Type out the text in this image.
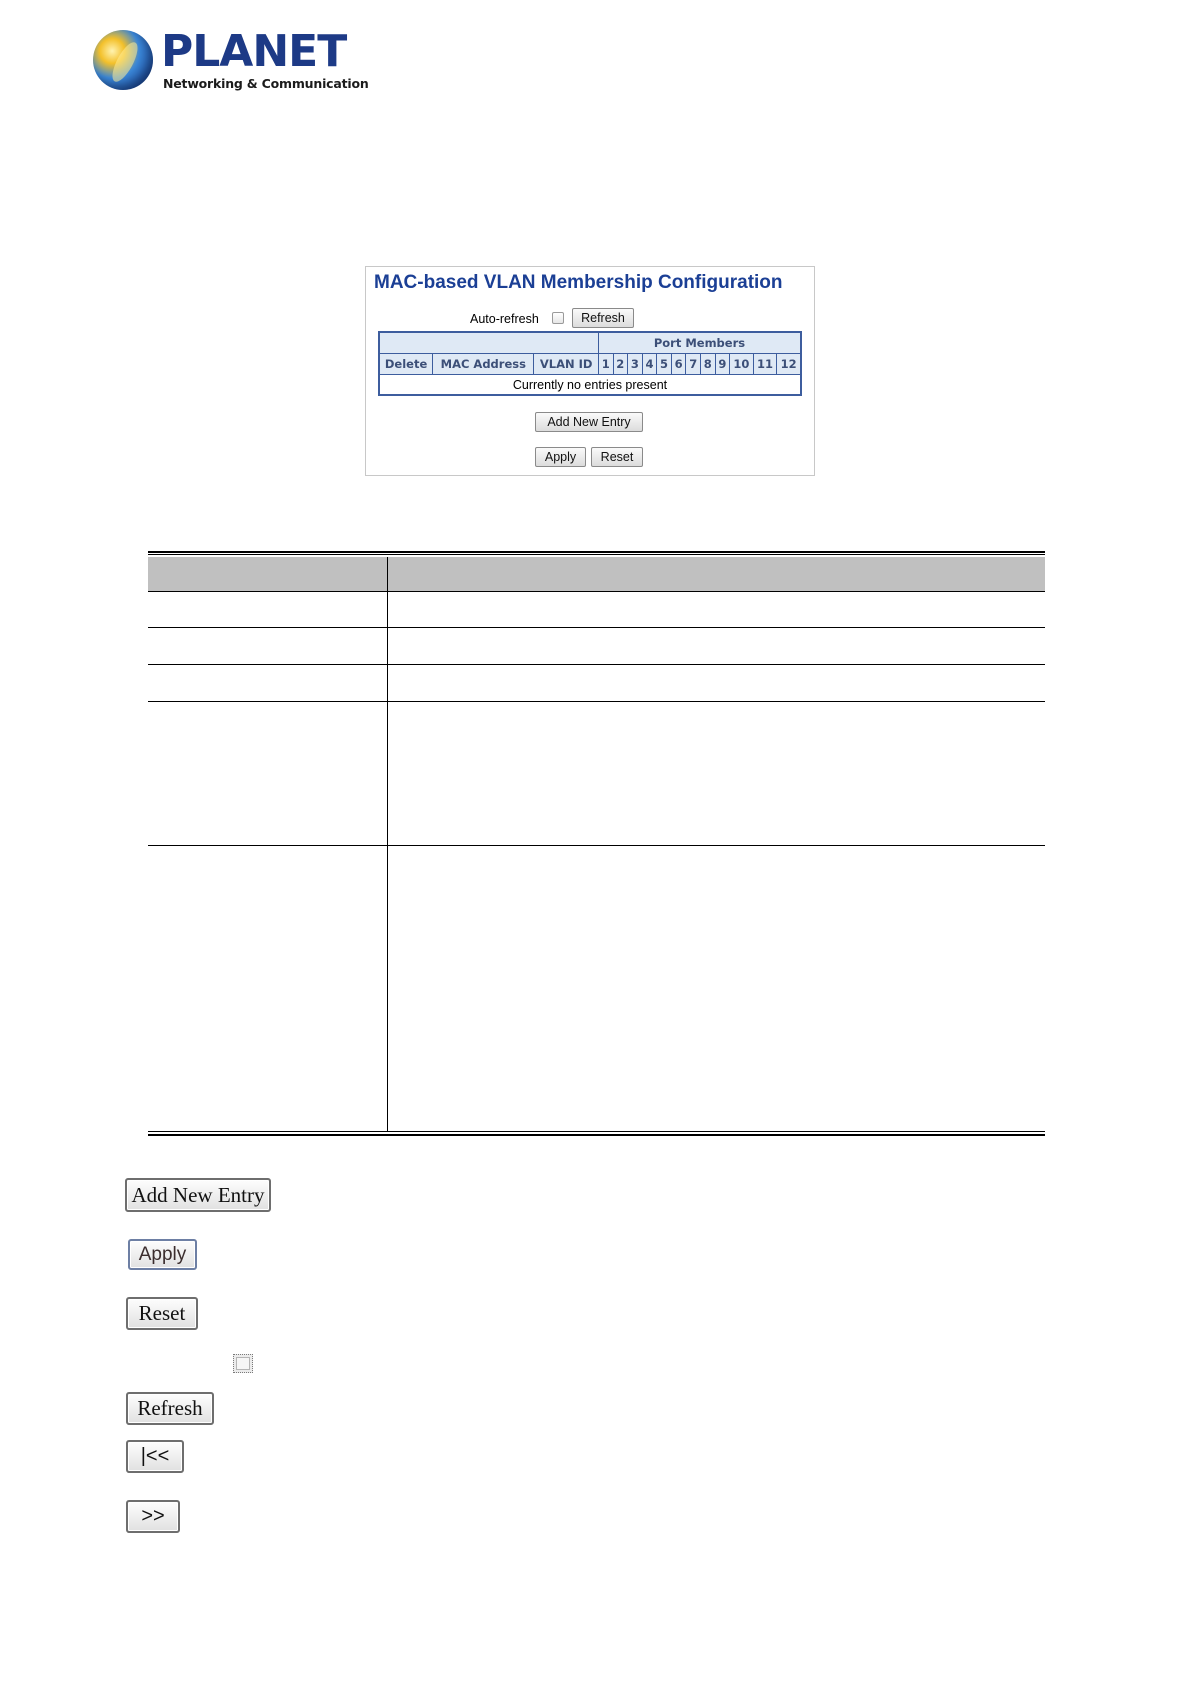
PLANET
Networking & Communication
MAC-based VLAN Membership Configuration
Auto-refresh	Refresh
			Port Members											
Delete	MAC Address	VLAN ID	1	2	3	4	5	6	7	8	9	10	11	12
Currently no entries present														
Add New Entry
Apply	Reset
Add New Entry
Apply
Reset
Refresh
|<<
>>
